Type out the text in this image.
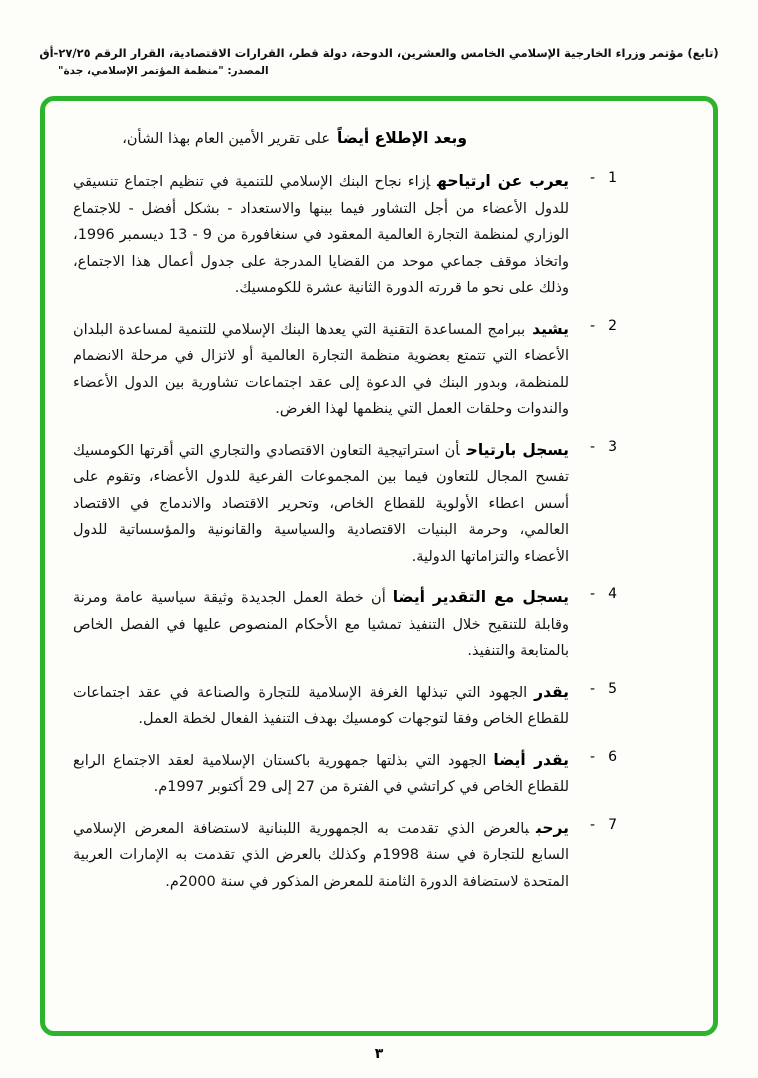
(تابع) مؤتمر وزراء الخارجية الإسلامي الخامس والعشرين، الدوحة، دولة قطر، القرارات الاقتصادية، القرار الرقم ٢٧/٢٥-أق
المصدر: "منظمة المؤتمر الإسلامي، جدة"

وبعد الإطلاع أيضاًعلى تقرير الأمين العام بهذا الشأن،

1
-

يعرب عن ارتياحهإزاء نجاح البنك الإسلامي للتنمية في تنظيم اجتماع تنسيقي للدول الأعضاء من أجل التشاور فيما بينها والاستعداد - بشكل أفضل - للاجتماع الوزاري لمنظمة التجارة العالمية المعقود في سنغافورة من 9 - 13 ديسمبر 1996، واتخاذ موقف جماعي موحد من القضايا المدرجة على جدول أعمال هذا الاجتماع، وذلك على نحو ما قررته الدورة الثانية عشرة للكومسيك.

2
-

يشيدببرامج المساعدة التقنية التي يعدها البنك الإسلامي للتنمية لمساعدة البلدان الأعضاء التي تتمتع بعضوية منظمة التجارة العالمية أو لاتزال في مرحلة الانضمام للمنظمة، وبدور البنك في الدعوة إلى عقد اجتماعات تشاورية بين الدول الأعضاء والندوات وحلقات العمل التي ينظمها لهذا الغرض.

3
-

يسجل بارتياحأن استراتيجية التعاون الاقتصادي والتجاري التي أقرتها الكومسيك تفسح المجال للتعاون فيما بين المجموعات الفرعية للدول الأعضاء، وتقوم على أسس اعطاء الأولوية للقطاع الخاص، وتحرير الاقتصاد والاندماج في الاقتصاد العالمي، وحرمة البنيات الاقتصادية والسياسية والقانونية والمؤسساتية للدول الأعضاء والتزاماتها الدولية.

4
-

يسجل مع التقدير أيضاأن خطة العمل الجديدة وثيقة سياسية عامة ومرنة وقابلة للتنقيح خلال التنفيذ تمشيا مع الأحكام المنصوص عليها في الفصل الخاص بالمتابعة والتنفيذ.

5
-

يقدرالجهود التي تبذلها الغرفة الإسلامية للتجارة والصناعة في عقد اجتماعات للقطاع الخاص وفقا لتوجهات كومسيك بهدف التنفيذ الفعال لخطة العمل.

6
-

يقدر أيضاالجهود التي بذلتها جمهورية باكستان الإسلامية لعقد الاجتماع الرابع للقطاع الخاص في كراتشي في الفترة من 27 إلى 29 أكتوبر 1997م.

7
-

يرحببالعرض الذي تقدمت به الجمهورية اللبنانية لاستضافة المعرض الإسلامي السابع للتجارة في سنة 1998م وكذلك بالعرض الذي تقدمت به الإمارات العربية المتحدة لاستضافة الدورة الثامنة للمعرض المذكور في سنة 2000م.

٣
